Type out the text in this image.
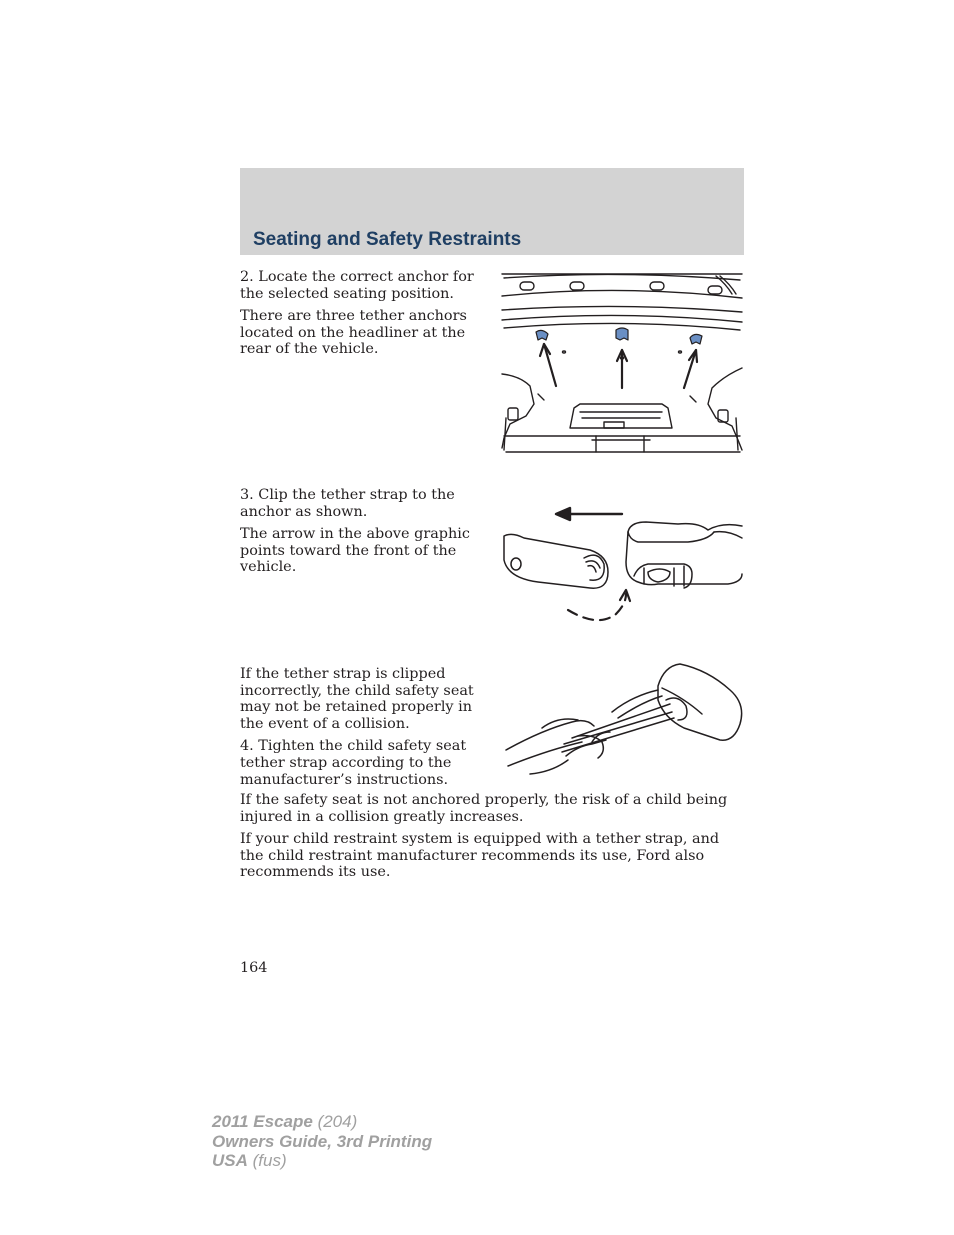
Seating and Safety Restraints

2. Locate the correct anchor for the selected seating position.

There are three tether anchors located on the headliner at the rear of the vehicle.

3. Clip the tether strap to the anchor as shown.

The arrow in the above graphic points toward the front of the vehicle.

If the tether strap is clipped incorrectly, the child safety seat may not be retained properly in the event of a collision.

4. Tighten the child safety seat tether strap according to the manufacturer’s instructions.

If the safety seat is not anchored properly, the risk of a child being injured in a collision greatly increases.

If your child restraint system is equipped with a tether strap, and the child restraint manufacturer recommends its use, Ford also recommends its use.

164
2011 Escape (204)
Owners Guide, 3rd Printing
USA (fus)
